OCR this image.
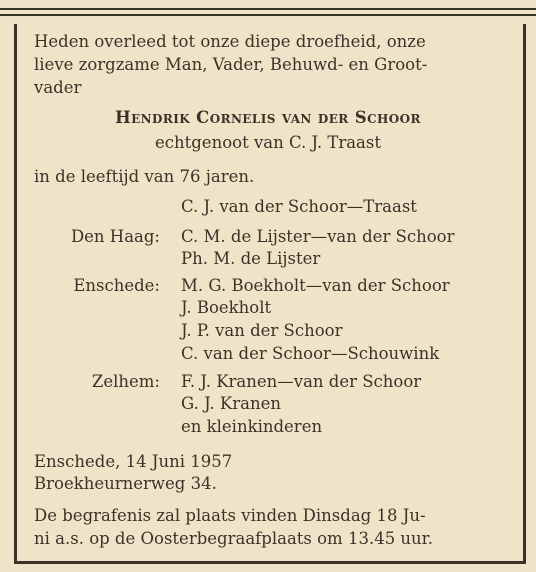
Heden overleed tot onze diepe droefheid, onze
lieve zorgzame Man, Vader, Behuwd- en Groot-
vader
Hendrik Cornelis van der Schoor
echtgenoot van C. J. Traast
in de leeftijd van 76 jaren.
C. J. van der Schoor—Traast
Den Haag: C. M. de Lijster—van der Schoor
Ph. M. de Lijster
Enschede: M. G. Boekholt—van der Schoor
J. Boekholt
J. P. van der Schoor
C. van der Schoor—Schouwink
Zelhem: F. J. Kranen—van der Schoor
G. J. Kranen
en kleinkinderen
Enschede, 14 Juni 1957
Broekheurnerweg 34.
De begrafenis zal plaats vinden Dinsdag 18 Ju-
ni a.s. op de Oosterbegraafplaats om 13.45 uur.
